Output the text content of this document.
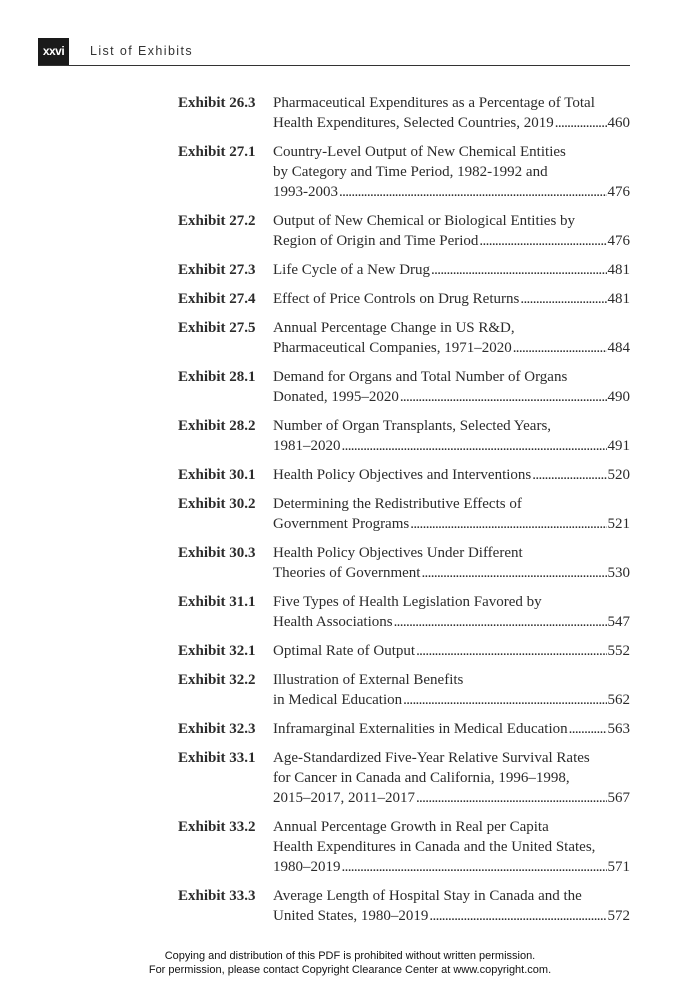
xxvi	List of Exhibits
Exhibit 26.3	Pharmaceutical Expenditures as a Percentage of Total
Health Expenditures, Selected Countries, 2019 . . .	460
Exhibit 27.1	Country-Level Output of New Chemical Entities
by Category and Time Period, 1982-1992 and
1993-2003 . . .	476
Exhibit 27.2	Output of New Chemical or Biological Entities by
Region of Origin and Time Period . . .	476
Exhibit 27.3	Life Cycle of a New Drug . . .	481
Exhibit 27.4	Effect of Price Controls on Drug Returns . . .	481
Exhibit 27.5	Annual Percentage Change in US R&D,
Pharmaceutical Companies, 1971–2020 . . .	484
Exhibit 28.1	Demand for Organs and Total Number of Organs
Donated, 1995–2020 . . .	490
Exhibit 28.2	Number of Organ Transplants, Selected Years,
1981–2020 . . .	491
Exhibit 30.1	Health Policy Objectives and Interventions . . .	520
Exhibit 30.2	Determining the Redistributive Effects of
Government Programs . . .	521
Exhibit 30.3	Health Policy Objectives Under Different
Theories of Government . . .	530
Exhibit 31.1	Five Types of Health Legislation Favored by
Health Associations . . .	547
Exhibit 32.1	Optimal Rate of Output . . .	552
Exhibit 32.2	Illustration of External Benefits
in Medical Education . . .	562
Exhibit 32.3	Inframarginal Externalities in Medical Education . . .	563
Exhibit 33.1	Age-Standardized Five-Year Relative Survival Rates
for Cancer in Canada and California, 1996–1998,
2015–2017, 2011–2017 . . .	567
Exhibit 33.2	Annual Percentage Growth in Real per Capita
Health Expenditures in Canada and the United States,
1980–2019 . . .	571
Exhibit 33.3	Average Length of Hospital Stay in Canada and the
United States, 1980–2019 . . .	572
Copying and distribution of this PDF is prohibited without written permission.
For permission, please contact Copyright Clearance Center at www.copyright.com.
